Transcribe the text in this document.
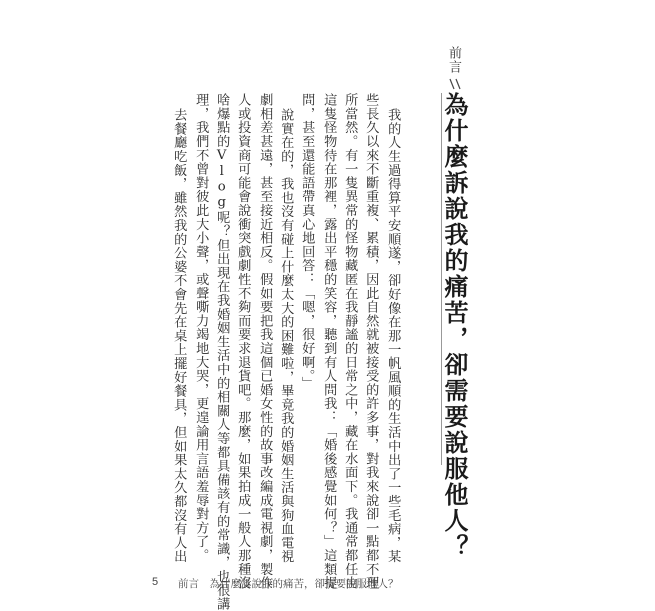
前言
為什麼訴說我的痛苦，卻需要說服他人？
我的人生過得算平安順遂，卻好像在那一帆風順的生活中出了一些毛病，某
些長久以來不斷重複、累積，因此自然就被接受的許多事，對我來說卻一點都不理
所當然。有一隻異常的怪物藏匿在我靜謐的日常之中，藏在水面下。我通常都任由
這隻怪物待在那裡，露出平穩的笑容，聽到有人問我：「婚後感覺如何？」這類提
問，甚至還能語帶真心地回答：「嗯，很好啊。」
說實在的，我也沒有碰上什麼太大的困難啦，畢竟我的婚姻生活與狗血電視
劇相差甚遠，甚至接近相反。假如要把我這個已婚女性的故事改編成電視劇，製作
人或投資商可能會說衝突戲劇性不夠而要求退貨吧。那麼，如果拍成一般人那種沒
啥爆點的Vlog呢？但出現在我婚姻生活中的相關人等都具備該有的常識，也很講
理，我們不曾對彼此大小聲，或聲嘶力竭地大哭，更遑論用言語羞辱對方了。
去餐廳吃飯，雖然我的公婆不會先在桌上擺好餐具，但如果太久都沒有人出
5 前言　為什麼訴說我的痛苦，卻需要說服他人？
